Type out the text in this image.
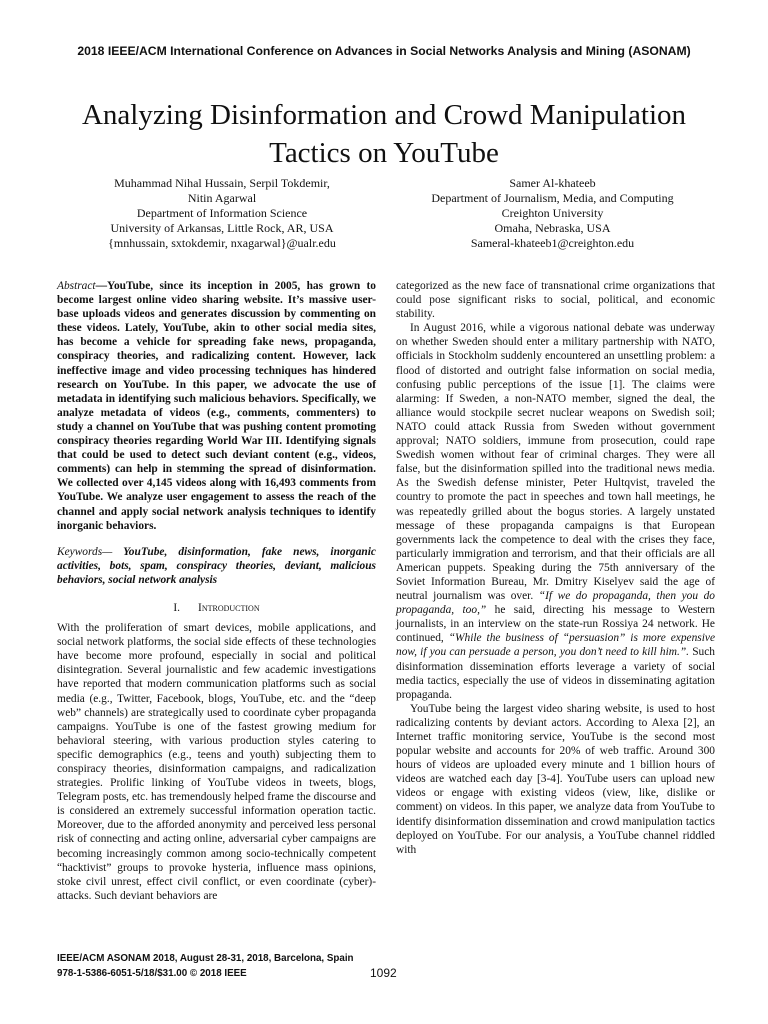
2018 IEEE/ACM International Conference on Advances in Social Networks Analysis and Mining (ASONAM)
Analyzing Disinformation and Crowd Manipulation
Tactics on YouTube
Muhammad Nihal Hussain, Serpil Tokdemir,
Nitin Agarwal
Department of Information Science
University of Arkansas, Little Rock, AR, USA
{mnhussain, sxtokdemir, nxagarwal}@ualr.edu
Samer Al-khateeb
Department of Journalism, Media, and Computing
Creighton University
Omaha, Nebraska, USA
Sameral-khateeb1@creighton.edu

Abstract—YouTube, since its inception in 2005, has grown to become largest online video sharing website. It’s massive user-base uploads videos and generates discussion by commenting on these videos. Lately, YouTube, akin to other social media sites, has become a vehicle for spreading fake news, propaganda, conspiracy theories, and radicalizing content. However, lack ineffective image and video processing techniques has hindered research on YouTube. In this paper, we advocate the use of metadata in identifying such malicious behaviors. Specifically, we analyze metadata of videos (e.g., comments, commenters) to study a channel on YouTube that was pushing content promoting conspiracy theories regarding World War III. Identifying signals that could be used to detect such deviant content (e.g., videos, comments) can help in stemming the spread of disinformation. We collected over 4,145 videos along with 16,493 comments from YouTube. We analyze user engagement to assess the reach of the channel and apply social network analysis techniques to identify inorganic behaviors.

Keywords— YouTube, disinformation, fake news, inorganic activities, bots, spam, conspiracy theories, deviant, malicious behaviors, social network analysis

I. Introduction

With the proliferation of smart devices, mobile applications, and social network platforms, the social side effects of these technologies have become more profound, especially in social and political disintegration. Several journalistic and few academic investigations have reported that modern communication platforms such as social media (e.g., Twitter, Facebook, blogs, YouTube, etc. and the “deep web” channels) are strategically used to coordinate cyber propaganda campaigns. YouTube is one of the fastest growing medium for behavioral steering, with various production styles catering to specific demographics (e.g., teens and youth) subjecting them to conspiracy theories, disinformation campaigns, and radicalization strategies. Prolific linking of YouTube videos in tweets, blogs, Telegram posts, etc. has tremendously helped frame the discourse and is considered an extremely successful information operation tactic. Moreover, due to the afforded anonymity and perceived less personal risk of connecting and acting online, adversarial cyber campaigns are becoming increasingly common among socio-technically competent “hacktivist” groups to provoke hysteria, influence mass opinions, stoke civil unrest, effect civil conflict, or even coordinate (cyber)-attacks. Such deviant behaviors are

categorized as the new face of transnational crime organizations that could pose significant risks to social, political, and economic stability.

In August 2016, while a vigorous national debate was underway on whether Sweden should enter a military partnership with NATO, officials in Stockholm suddenly encountered an unsettling problem: a flood of distorted and outright false information on social media, confusing public perceptions of the issue [1]. The claims were alarming: If Sweden, a non-NATO member, signed the deal, the alliance would stockpile secret nuclear weapons on Swedish soil; NATO could attack Russia from Sweden without government approval; NATO soldiers, immune from prosecution, could rape Swedish women without fear of criminal charges. They were all false, but the disinformation spilled into the traditional news media. As the Swedish defense minister, Peter Hultqvist, traveled the country to promote the pact in speeches and town hall meetings, he was repeatedly grilled about the bogus stories. A largely unstated message of these propaganda campaigns is that European governments lack the competence to deal with the crises they face, particularly immigration and terrorism, and that their officials are all American puppets. Speaking during the 75th anniversary of the Soviet Information Bureau, Mr. Dmitry Kiselyev said the age of neutral journalism was over. “If we do propaganda, then you do propaganda, too,” he said, directing his message to Western journalists, in an interview on the state-run Rossiya 24 network. He continued, “While the business of “persuasion” is more expensive now, if you can persuade a person, you don’t need to kill him.”. Such disinformation dissemination efforts leverage a variety of social media tactics, especially the use of videos in disseminating agitation propaganda.

YouTube being the largest video sharing website, is used to host radicalizing contents by deviant actors. According to Alexa [2], an Internet traffic monitoring service, YouTube is the second most popular website and accounts for 20% of web traffic. Around 300 hours of videos are uploaded every minute and 1 billion hours of videos are watched each day [3-4]. YouTube users can upload new videos or engage with existing videos (view, like, dislike or comment) on videos. In this paper, we analyze data from YouTube to identify disinformation dissemination and crowd manipulation tactics deployed on YouTube. For our analysis, a YouTube channel riddled with

IEEE/ACM ASONAM 2018, August 28-31, 2018, Barcelona, Spain
978-1-5386-6051-5/18/$31.00 © 2018 IEEE	1092
